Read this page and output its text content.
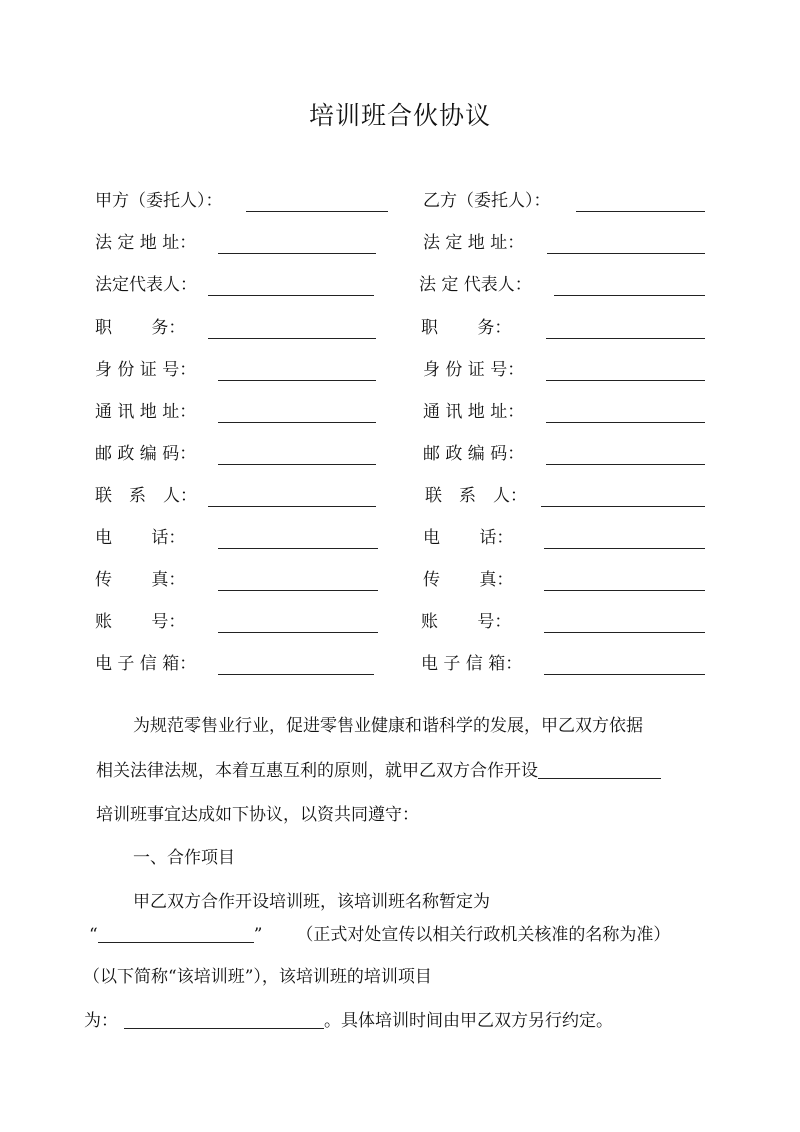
培训班合伙协议
甲方（委托人）：
法 定 地 址：
法定代表人：
职　　 务：
身 份 证 号：
通 讯 地 址：
邮 政 编 码：
联　系　人：
电　　 话：
传　　 真：
账　　 号：
电 子 信 箱：
乙方（委托人）：
法 定 地 址：
法 定 代表人：
职　　 务：
身 份 证 号：
通 讯 地 址：
邮 政 编 码：
联　系　人：
电　　 话：
传　　 真：
账　　 号：
电 子 信 箱：
为规范零售业行业，促进零售业健康和谐科学的发展，甲乙双方依据
相关法律法规，本着互惠互利的原则，就甲乙双方合作开设
培训班事宜达成如下协议，以资共同遵守：
一、合作项目
甲乙双方合作开设培训班，该培训班名称暂定为
“	” （正式对处宣传以相关行政机关核准的名称为准）
（以下简称“该培训班”），该培训班的培训项目
为：	。具体培训时间由甲乙双方另行约定。
